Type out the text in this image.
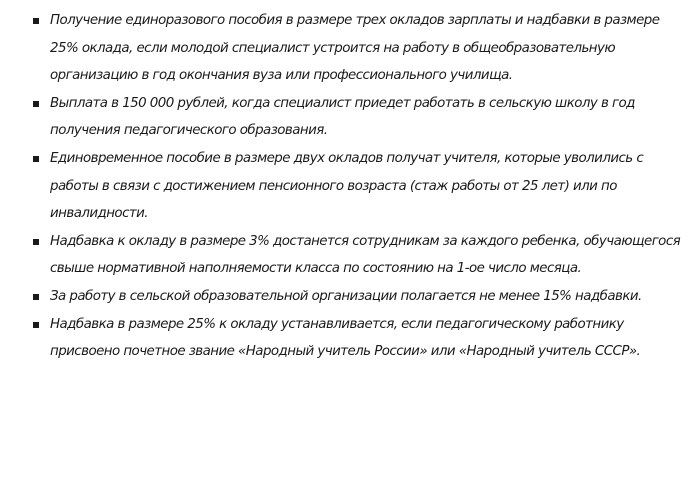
Получение единоразового пособия в размере трех окладов зарплаты и надбавки в размере 25% оклада, если молодой специалист устроится на работу в общеобразовательную организацию в год окончания вуза или профессионального училища.
Выплата в 150 000 рублей, когда специалист приедет работать в сельскую школу в год получения педагогического образования.
Единовременное пособие в размере двух окладов получат учителя, которые уволились с работы в связи с достижением пенсионного возраста (стаж работы от 25 лет) или по инвалидности.
Надбавка к окладу в размере 3% достанется сотрудникам за каждого ребенка, обучающегося свыше нормативной наполняемости класса по состоянию на 1-ое число месяца.
За работу в сельской образовательной организации полагается не менее 15% надбавки.
Надбавка в размере 25% к окладу устанавливается, если педагогическому работнику присвоено почетное звание «Народный учитель России» или «Народный учитель СССР».
